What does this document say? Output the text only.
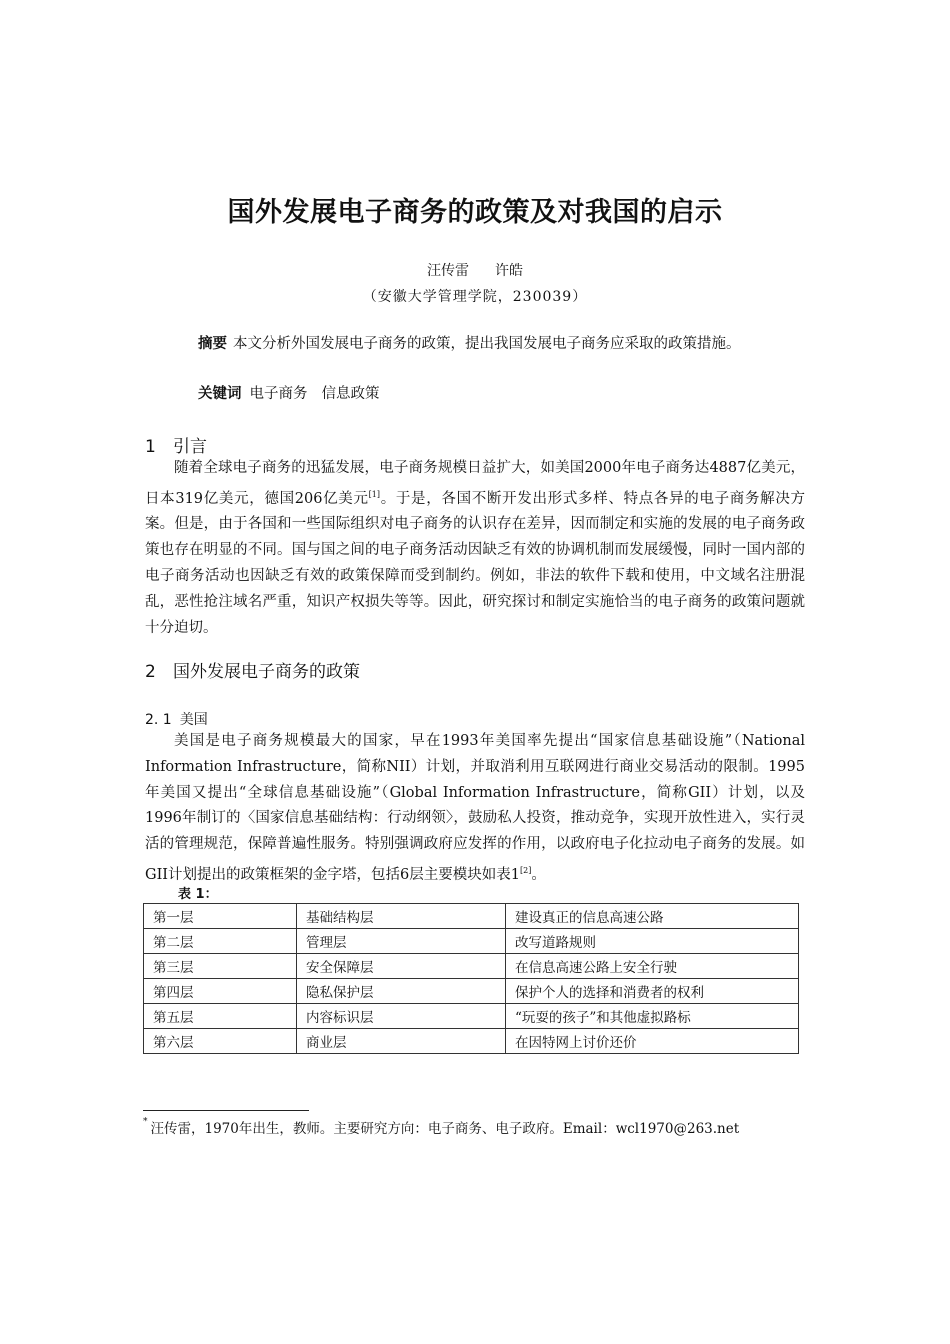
国外发展电子商务的政策及对我国的启示
汪传雷 许皓
（安徽大学管理学院，230039）
摘要 本文分析外国发展电子商务的政策，提出我国发展电子商务应采取的政策措施。
关键词 电子商务 信息政策
1 引言
随着全球电子商务的迅猛发展，电子商务规模日益扩大，如美国2000年电子商务达4887亿美元，日本319亿美元，德国206亿美元[1]。于是，各国不断开发出形式多样、特点各异的电子商务解决方案。但是，由于各国和一些国际组织对电子商务的认识存在差异，因而制定和实施的发展的电子商务政策也存在明显的不同。国与国之间的电子商务活动因缺乏有效的协调机制而发展缓慢，同时一国内部的电子商务活动也因缺乏有效的政策保障而受到制约。例如，非法的软件下载和使用，中文域名注册混乱，恶性抢注域名严重，知识产权损失等等。因此，研究探讨和制定实施恰当的电子商务的政策问题就十分迫切。
2 国外发展电子商务的政策
2. 1 美国
美国是电子商务规模最大的国家，早在1993年美国率先提出“国家信息基础设施”（National Information Infrastructure，简称NII）计划，并取消利用互联网进行商业交易活动的限制。1995年美国又提出“全球信息基础设施”（Global Information Infrastructure，简称GII）计划，以及1996年制订的〈国家信息基础结构：行动纲领〉，鼓励私人投资，推动竞争，实现开放性进入，实行灵活的管理规范，保障普遍性服务。特别强调政府应发挥的作用，以政府电子化拉动电子商务的发展。如GII计划提出的政策框架的金字塔，包括6层主要模块如表1[2]。
表 1：
第一层	基础结构层	建设真正的信息高速公路
第二层	管理层	改写道路规则
第三层	安全保障层	在信息高速公路上安全行驶
第四层	隐私保护层	保护个人的选择和消费者的权利
第五层	内容标识层	“玩耍的孩子”和其他虚拟路标
第六层	商业层	在因特网上讨价还价
* 汪传雷，1970年出生，教师。主要研究方向：电子商务、电子政府。Email：wcl1970@263.net
